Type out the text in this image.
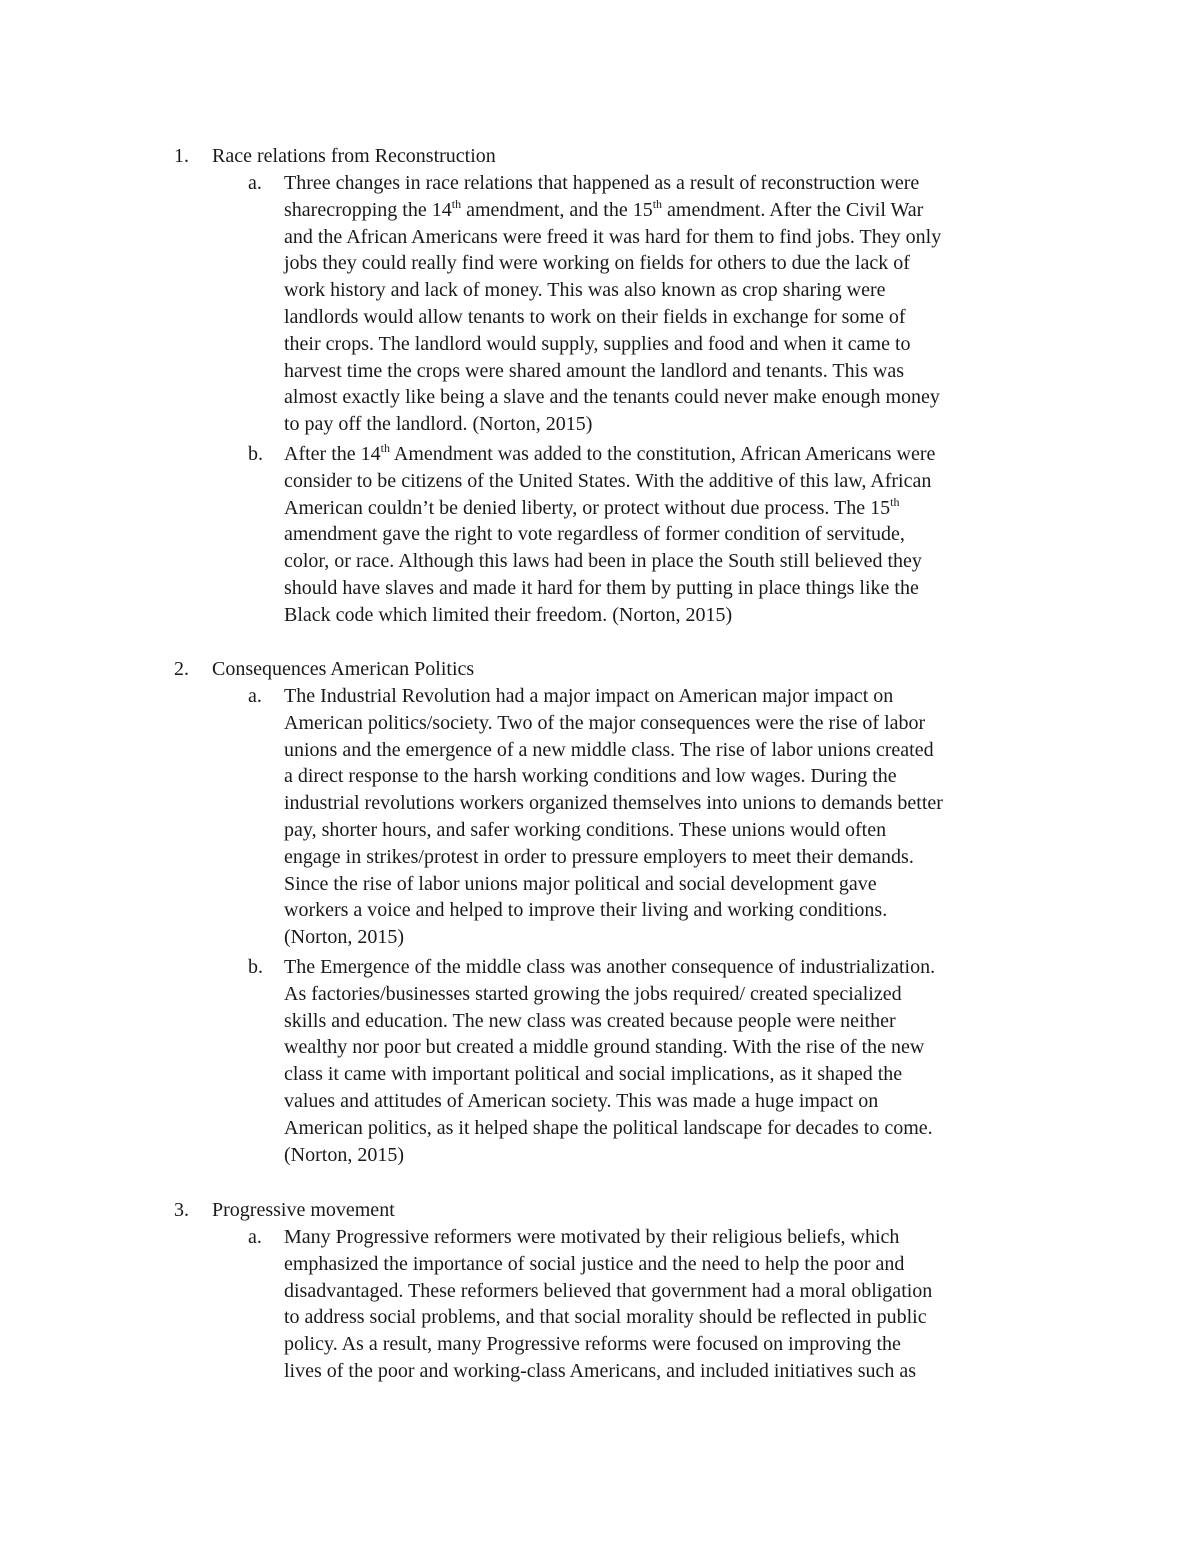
1. Race relations from Reconstruction
a. Three changes in race relations that happened as a result of reconstruction were
sharecropping the 14th amendment, and the 15th amendment. After the Civil War
and the African Americans were freed it was hard for them to find jobs. They only
jobs they could really find were working on fields for others to due the lack of
work history and lack of money. This was also known as crop sharing were
landlords would allow tenants to work on their fields in exchange for some of
their crops. The landlord would supply, supplies and food and when it came to
harvest time the crops were shared amount the landlord and tenants. This was
almost exactly like being a slave and the tenants could never make enough money
to pay off the landlord. (Norton, 2015)
b. After the 14th Amendment was added to the constitution, African Americans were
consider to be citizens of the United States. With the additive of this law, African
American couldn’t be denied liberty, or protect without due process. The 15th
amendment gave the right to vote regardless of former condition of servitude,
color, or race. Although this laws had been in place the South still believed they
should have slaves and made it hard for them by putting in place things like the
Black code which limited their freedom. (Norton, 2015)
2. Consequences American Politics
a. The Industrial Revolution had a major impact on American major impact on
American politics/society. Two of the major consequences were the rise of labor
unions and the emergence of a new middle class. The rise of labor unions created
a direct response to the harsh working conditions and low wages. During the
industrial revolutions workers organized themselves into unions to demands better
pay, shorter hours, and safer working conditions. These unions would often
engage in strikes/protest in order to pressure employers to meet their demands.
Since the rise of labor unions major political and social development gave
workers a voice and helped to improve their living and working conditions.
(Norton, 2015)
b. The Emergence of the middle class was another consequence of industrialization.
As factories/businesses started growing the jobs required/ created specialized
skills and education. The new class was created because people were neither
wealthy nor poor but created a middle ground standing. With the rise of the new
class it came with important political and social implications, as it shaped the
values and attitudes of American society. This was made a huge impact on
American politics, as it helped shape the political landscape for decades to come.
(Norton, 2015)
3. Progressive movement
a. Many Progressive reformers were motivated by their religious beliefs, which
emphasized the importance of social justice and the need to help the poor and
disadvantaged. These reformers believed that government had a moral obligation
to address social problems, and that social morality should be reflected in public
policy. As a result, many Progressive reforms were focused on improving the
lives of the poor and working-class Americans, and included initiatives such as
